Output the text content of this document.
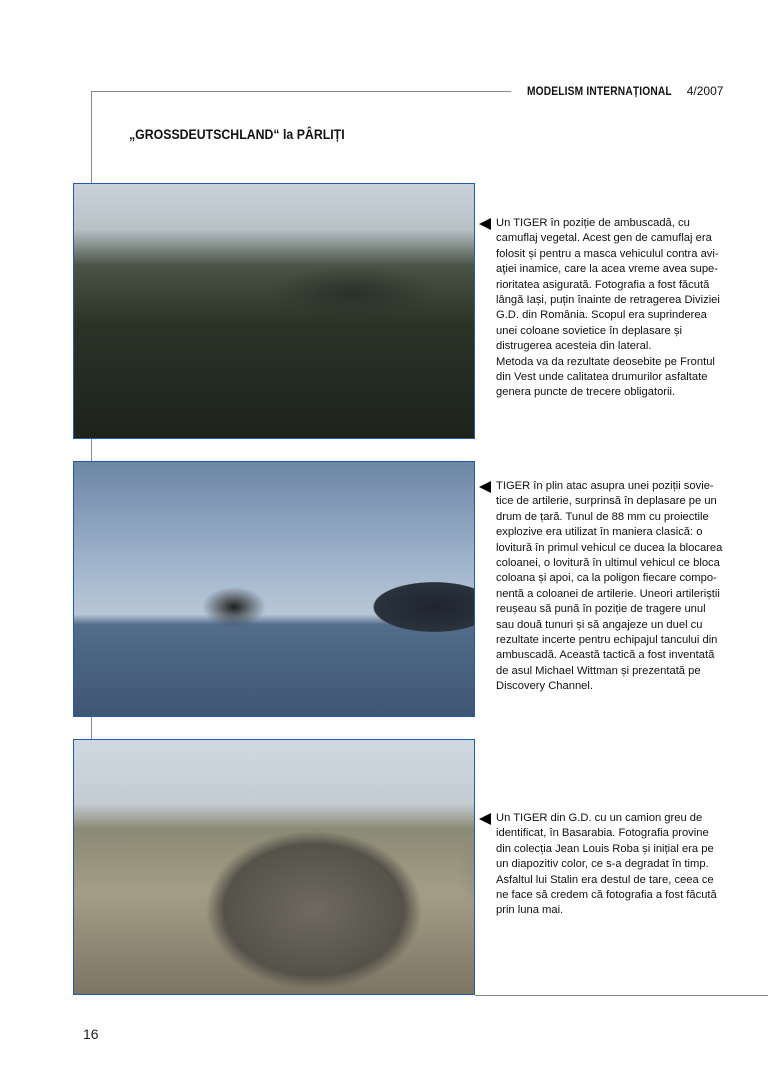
MODELISM INTERNAȚIONAL 4/2007
„GROSSDEUTSCHLAND“ la PÂRLIȚI
Un TIGER în poziție de ambuscadă, cu
camuflaj vegetal. Acest gen de camuflaj era
folosit și pentru a masca vehiculul contra avi-
aţiei inamice, care la acea vreme avea supe-
rioritatea asigurată. Fotografia a fost făcută
lângă Iași, puțin înainte de retragerea Diviziei
G.D. din România. Scopul era suprinderea
unei coloane sovietice în deplasare și
distrugerea acesteia din lateral.
Metoda va da rezultate deosebite pe Frontul
din Vest unde calitatea drumurilor asfaltate
genera puncte de trecere obligatorii.
TIGER în plin atac asupra unei poziții sovie-
tice de artilerie, surprinsă în deplasare pe un
drum de țară. Tunul de 88 mm cu proiectile
explozive era utilizat în maniera clasică: o
lovitură în primul vehicul ce ducea la blocarea
coloanei, o lovitură în ultimul vehicul ce bloca
coloana și apoi, ca la poligon fiecare compo-
nentă a coloanei de artilerie. Uneori artileriștii
reușeau să pună în poziție de tragere unul
sau două tunuri și să angajeze un duel cu
rezultate incerte pentru echipajul tancului din
ambuscadă. Această tactică a fost inventată
de asul Michael Wittman și prezentată pe
Discovery Channel.
Un TIGER din G.D. cu un camion greu de
identificat, în Basarabia. Fotografia provine
din colecția Jean Louis Roba și inițial era pe
un diapozitiv color, ce s-a degradat în timp.
Asfaltul lui Stalin era destul de tare, ceea ce
ne face să credem că fotografia a fost făcută
prin luna mai.
16
